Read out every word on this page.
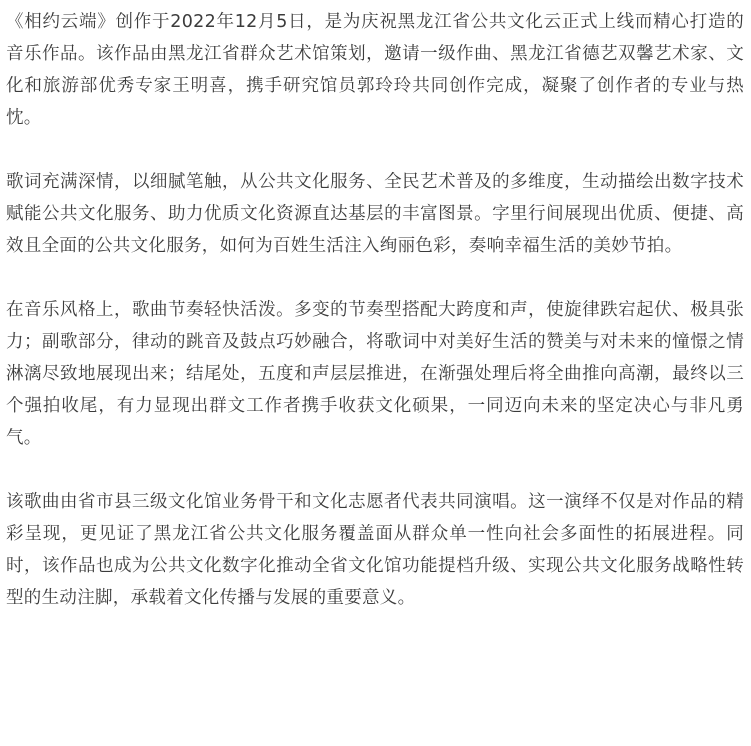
《相约云端》创作于2022年12月5日，是为庆祝黑龙江省公共文化云正式上线而精心打造的音乐作品。该作品由黑龙江省群众艺术馆策划，邀请一级作曲、黑龙江省德艺双馨艺术家、文化和旅游部优秀专家王明喜，携手研究馆员郭玲玲共同创作完成，凝聚了创作者的专业与热忱。

歌词充满深情，以细腻笔触，从公共文化服务、全民艺术普及的多维度，生动描绘出数字技术赋能公共文化服务、助力优质文化资源直达基层的丰富图景。字里行间展现出优质、便捷、高效且全面的公共文化服务，如何为百姓生活注入绚丽色彩，奏响幸福生活的美妙节拍。

在音乐风格上，歌曲节奏轻快活泼。多变的节奏型搭配大跨度和声，使旋律跌宕起伏、极具张力；副歌部分，律动的跳音及鼓点巧妙融合，将歌词中对美好生活的赞美与对未来的憧憬之情淋漓尽致地展现出来；结尾处，五度和声层层推进，在渐强处理后将全曲推向高潮，最终以三个强拍收尾，有力显现出群文工作者携手收获文化硕果，一同迈向未来的坚定决心与非凡勇气。

该歌曲由省市县三级文化馆业务骨干和文化志愿者代表共同演唱。这一演绎不仅是对作品的精彩呈现，更见证了黑龙江省公共文化服务覆盖面从群众单一性向社会多面性的拓展进程。同时，该作品也成为公共文化数字化推动全省文化馆功能提档升级、实现公共文化服务战略性转型的生动注脚，承载着文化传播与发展的重要意义。
